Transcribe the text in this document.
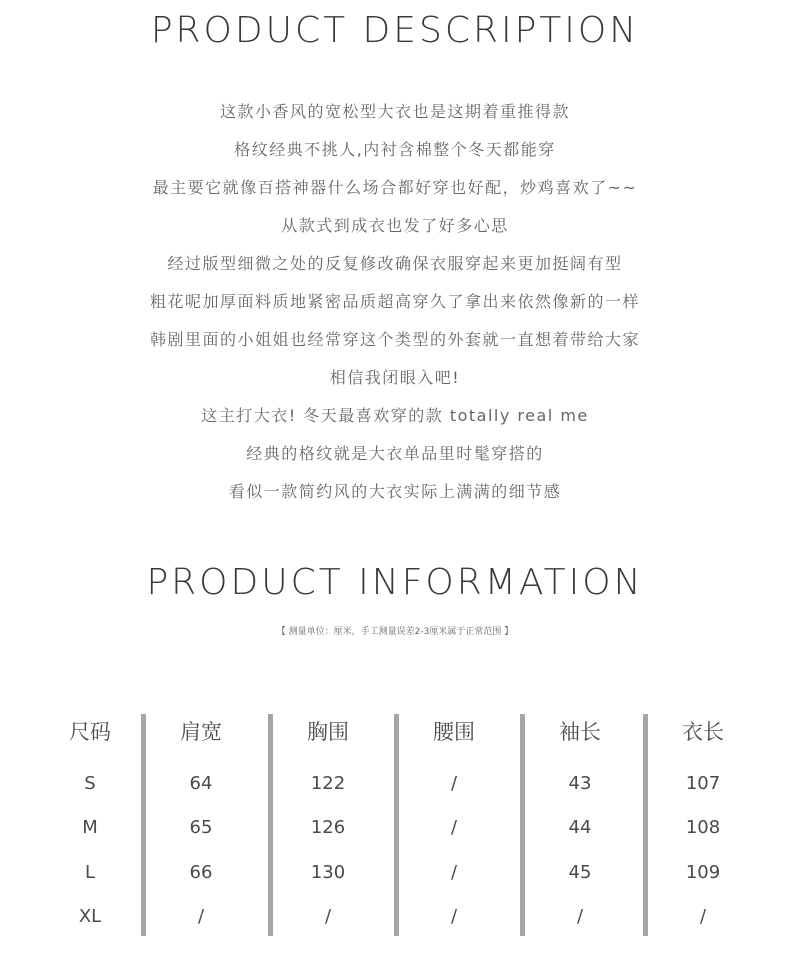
PRODUCT DESCRIPTION
这款小香风的宽松型大衣也是这期着重推得款
格纹经典不挑人,内衬含棉整个冬天都能穿
最主要它就像百搭神器什么场合都好穿也好配，炒鸡喜欢了~~
从款式到成衣也发了好多心思
经过版型细微之处的反复修改确保衣服穿起来更加挺阔有型
粗花呢加厚面料质地紧密品质超高穿久了拿出来依然像新的一样
韩剧里面的小姐姐也经常穿这个类型的外套就一直想着带给大家
相信我闭眼入吧!
这主打大衣! 冬天最喜欢穿的款 totally real me
经典的格纹就是大衣单品里时髦穿搭的
看似一款简约风的大衣实际上满满的细节感
PRODUCT INFORMATION
【 测量单位：厘米，手工测量误差2-3厘米属于正常范围 】
尺码
S
M
L
XL
肩宽
64
65
66
/
胸围
122
126
130
/
腰围
/
/
/
/
袖长
43
44
45
/
衣长
107
108
109
/
